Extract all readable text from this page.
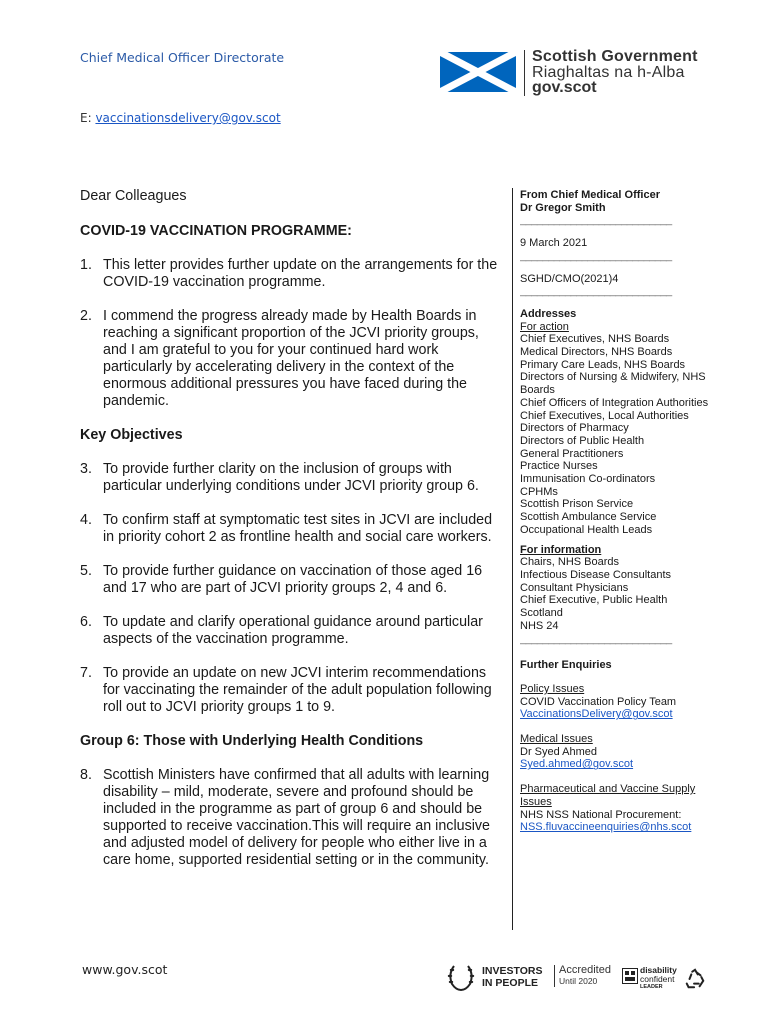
Chief Medical Officer Directorate	Scottish Government
Riaghaltas na h-Alba
gov.scot
E: vaccinationsdelivery@gov.scot

Dear Colleagues

COVID-19 VACCINATION PROGRAMME:

1. This letter provides further update on the arrangements for the COVID-19 vaccination programme.
2. I commend the progress already made by Health Boards in reaching a significant proportion of the JCVI priority groups, and I am grateful to you for your continued hard work particularly by accelerating delivery in the context of the enormous additional pressures you have faced during the pandemic.

Key Objectives

3. To provide further clarity on the inclusion of groups with particular underlying conditions under JCVI priority group 6.
4. To confirm staff at symptomatic test sites in JCVI are included in priority cohort 2 as frontline health and social care workers.
5. To provide further guidance on vaccination of those aged 16 and 17 who are part of JCVI priority groups 2, 4 and 6.
6. To update and clarify operational guidance around particular aspects of the vaccination programme.
7. To provide an update on new JCVI interim recommendations for vaccinating the remainder of the adult population following roll out to JCVI priority groups 1 to 9.

Group 6: Those with Underlying Health Conditions

8. Scottish Ministers have confirmed that all adults with learning disability – mild, moderate, severe and profound should be included in the programme as part of group 6 and should be supported to receive vaccination.This will require an inclusive and adjusted model of delivery for people who either live in a care home, supported residential setting or in the community.

From Chief Medical Officer

Dr Gregor Smith

___________________________

9 March 2021

___________________________

SGHD/CMO(2021)4

___________________________

Addresses

For action

Chief Executives, NHS Boards

Medical Directors, NHS Boards

Primary Care Leads, NHS Boards

Directors of Nursing & Midwifery, NHS Boards

Chief Officers of Integration Authorities

Chief Executives, Local Authorities

Directors of Pharmacy

Directors of Public Health

General Practitioners

Practice Nurses

Immunisation Co-ordinators

CPHMs

Scottish Prison Service

Scottish Ambulance Service

Occupational Health Leads

For information

Chairs, NHS Boards

Infectious Disease Consultants

Consultant Physicians

Chief Executive, Public Health Scotland

NHS 24

___________________________

Further Enquiries

Policy Issues

COVID Vaccination Policy Team

VaccinationsDelivery@gov.scot

Medical Issues

Dr Syed Ahmed

Syed.ahmed@gov.scot

Pharmaceutical and Vaccine Supply Issues

NHS NSS National Procurement:

NSS.fluvaccineenquiries@nhs.scot

www.gov.scot	INVESTORS
IN PEOPLE
Accredited
Until 2020
disability
confident
LEADER
